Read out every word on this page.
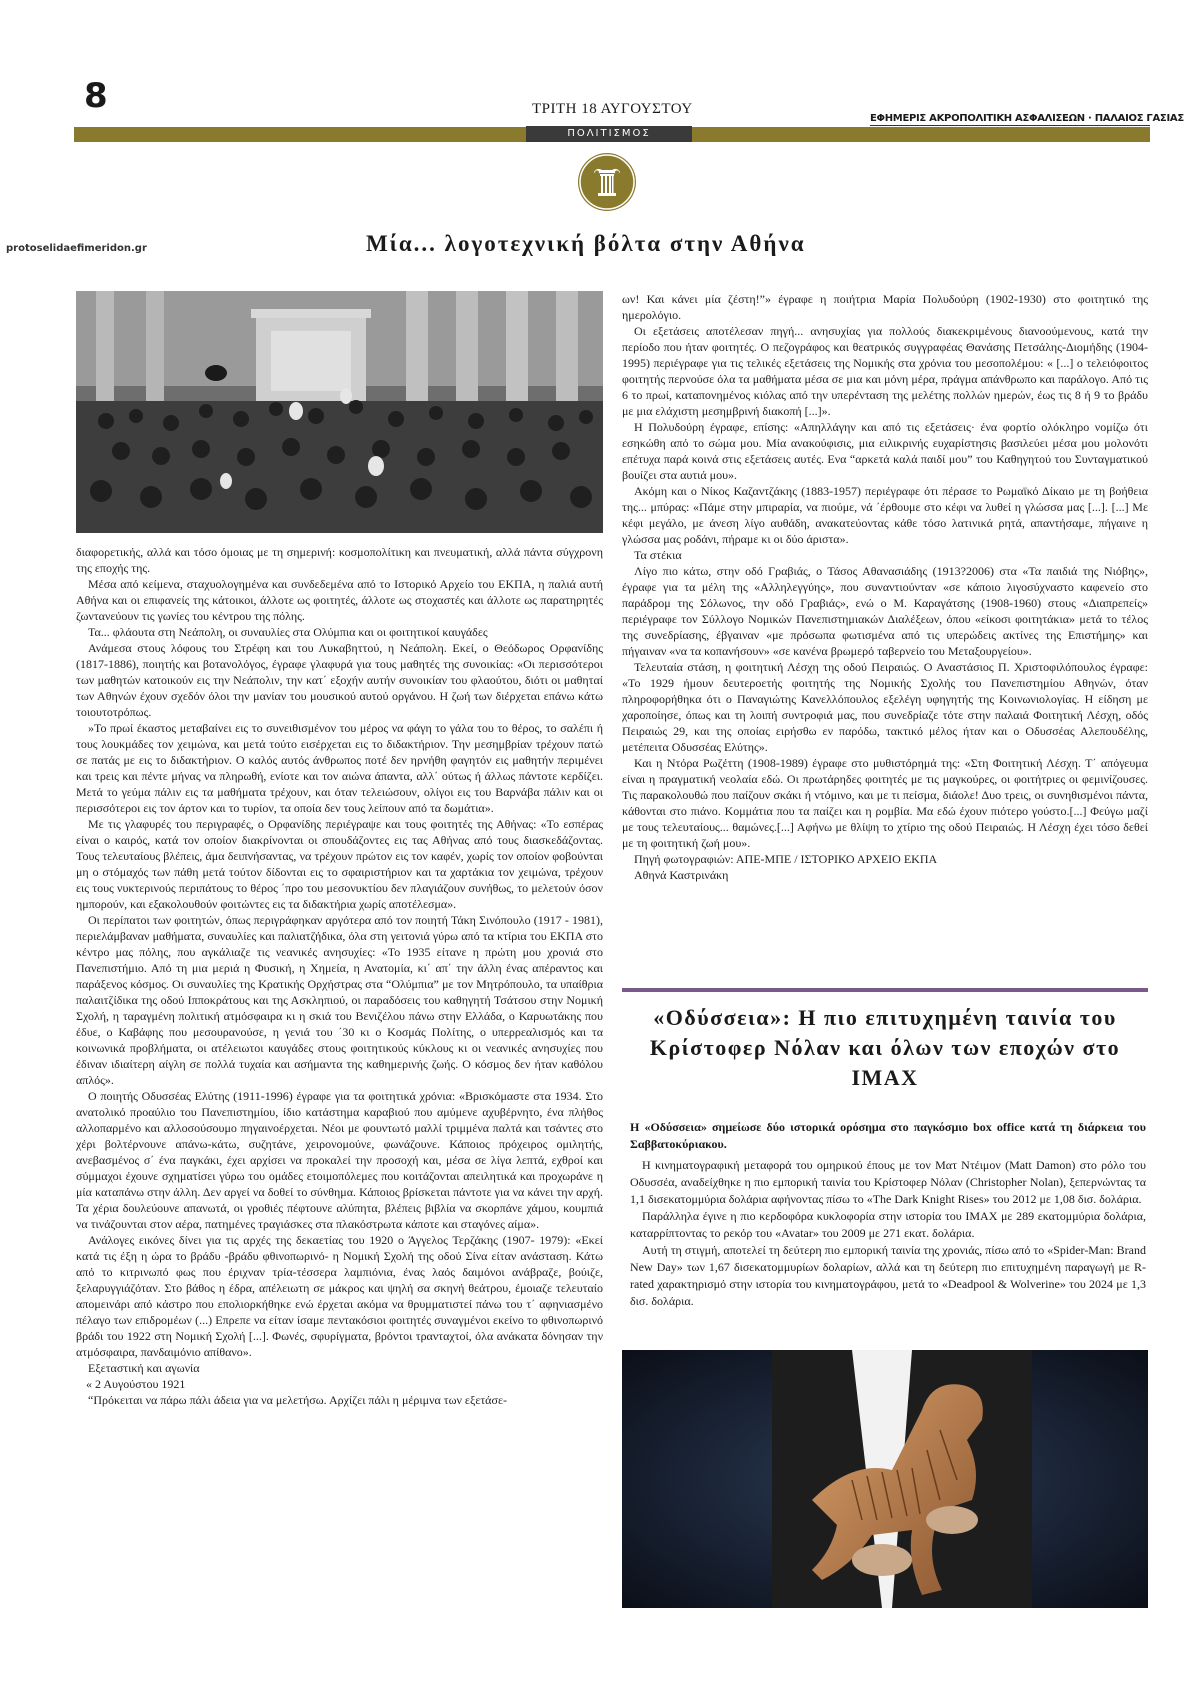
8	ΤΡΙΤΗ 18 ΑΥΓΟΥΣΤΟΥ
ΕΦΗΜΕΡΙΣ ΑΚΡΟΠΟΛΙΤΙΚΗ ΑΣΦΑΛΙΣΕΩΝ · ΠΑΛΑΙΟΣ ΓΑΣΙΑΣ
ΠΟΛΙΤΙΣΜΟΣ
protoselidaefimeridon.gr	Μία... λογοτεχνική βόλτα στην Αθήνα

διαφορετικής, αλλά και τόσο όμοιας με τη σημερινή: κοσμοπολίτικη και πνευματική, αλλά πάντα σύγχρονη της εποχής της.

Μέσα από κείμενα, σταχυολογημένα και συνδεδεμένα από το Ιστορικό Αρχείο του ΕΚΠΑ, η παλιά αυτή Αθήνα και οι επιφανείς της κάτοικοι, άλλοτε ως φοιτητές, άλλοτε ως στοχαστές και άλλοτε ως παρατηρητές ζωντανεύουν τις γωνίες του κέντρου της πόλης.

Τα... φλάουτα στη Νεάπολη, οι συναυλίες στα Ολύμπια και οι φοιτητικοί καυγάδες

Ανάμεσα στους λόφους του Στρέφη και του Λυκαβηττού, η Νεάπολη. Εκεί, ο Θεόδωρος Ορφανίδης (1817-1886), ποιητής και βοτανολόγος, έγραφε γλαφυρά για τους μαθητές της συνοικίας: «Οι περισσότεροι των μαθητών κατοικούν εις την Νεάπολιν, την κατ΄ εξοχήν αυτήν συνοικίαν του φλαούτου, διότι οι μαθηταί των Αθηνών έχουν σχεδόν όλοι την μανίαν του μουσικού αυτού οργάνου. Η ζωή των διέρχεται επάνω κάτω τοιουτοτρόπως.

»Το πρωί έκαστος μεταβαίνει εις το συνειθισμένον του μέρος να φάγη το γάλα του το θέρος, το σαλέπι ή τους λουκμάδες τον χειμώνα, και μετά τούτο εισέρχεται εις το διδακτήριον. Την μεσημβρίαν τρέχουν πατώ σε πατάς με εις το διδακτήριον. Ο καλός αυτός άνθρωπος ποτέ δεν ηρνήθη φαγητόν εις μαθητήν περιμένει και τρεις και πέντε μήνας να πληρωθή, ενίοτε και τον αιώνα άπαντα, αλλ΄ ούτως ή άλλως πάντοτε κερδίζει. Μετά το γεύμα πάλιν εις τα μαθήματα τρέχουν, και όταν τελειώσουν, ολίγοι εις του Βαρνάβα πάλιν και οι περισσότεροι εις τον άρτον και το τυρίον, τα οποία δεν τους λείπουν από τα δωμάτια».

Με τις γλαφυρές του περιγραφές, ο Ορφανίδης περιέγραψε και τους φοιτητές της Αθήνας: «Το εσπέρας είναι ο καιρός, κατά τον οποίον διακρίνονται οι σπουδάζοντες εις τας Αθήνας από τους διασκεδάζοντας. Τους τελευταίους βλέπεις, άμα δειπνήσαντας, να τρέχουν πρώτον εις τον καφέν, χωρίς τον οποίον φοβούνται μη ο στόμαχός των πάθη μετά τούτον δίδονται εις το σφαιριστήριον και τα χαρτάκια τον χειμώνα, τρέχουν εις τους νυκτερινούς περιπάτους το θέρος ΄προ του μεσονυκτίου δεν πλαγιάζουν συνήθως, το μελετούν όσον ημπορούν, και εξακολουθούν φοιτώντες εις τα διδακτήρια χωρίς αποτέλεσμα».

Οι περίπατοι των φοιτητών, όπως περιγράφηκαν αργότερα από τον ποιητή Τάκη Σινόπουλο (1917 - 1981), περιελάμβαναν μαθήματα, συναυλίες και παλιατζήδικα, όλα στη γειτονιά γύρω από τα κτίρια του ΕΚΠΑ στο κέντρο μας πόλης, που αγκάλιαζε τις νεανικές ανησυχίες: «Το 1935 είτανε η πρώτη μου χρονιά στο Πανεπιστήμιο. Από τη μια μεριά η Φυσική, η Χημεία, η Ανατομία, κι΄ απ΄ την άλλη ένας απέραντος και παράξενος κόσμος. Οι συναυλίες της Κρατικής Ορχήστρας στα “Ολύμπια” με τον Μητρόπουλο, τα υπαίθρια παλαιτζίδικα της οδού Ιπποκράτους και της Ασκληπιού, οι παραδόσεις του καθηγητή Τσάτσου στην Νομική Σχολή, η ταραγμένη πολιτική ατμόσφαιρα κι η σκιά του Βενιζέλου πάνω στην Ελλάδα, ο Καρυωτάκης που έδυε, ο Καβάφης που μεσουρανούσε, η γενιά του ΄30 κι ο Κοσμάς Πολίτης, ο υπερρεαλισμός και τα κοινωνικά προβλήματα, οι ατέλειωτοι καυγάδες στους φοιτητικούς κύκλους κι οι νεανικές ανησυχίες που έδιναν ιδιαίτερη αίγλη σε πολλά τυχαία και ασήμαντα της καθημερινής ζωής. Ο κόσμος δεν ήταν καθόλου απλός».

Ο ποιητής Οδυσσέας Ελύτης (1911-1996) έγραφε για τα φοιτητικά χρόνια: «Βρισκόμαστε στα 1934. Στο ανατολικό προαύλιο του Πανεπιστημίου, ίδιο κατάστημα καραβιού που αμύμενε αχυβέρνητο, ένα πλήθος αλλοπαρμένο και αλλοσούσουμο πηγαινοέρχεται. Νέοι με φουντωτό μαλλί τριμμένα παλτά και τσάντες στο χέρι βολτέρνουνε απάνω-κάτω, συζητάνε, χειρονομούνε, φωνάζουνε. Κάποιος πρόχειρος ομιλητής, ανεβασμένος σ΄ ένα παγκάκι, έχει αρχίσει να προκαλεί την προσοχή και, μέσα σε λίγα λεπτά, εχθροί και σύμμαχοι έχουνε σχηματίσει γύρω του ομάδες ετοιμοπόλεμες που κοιτάζονται απειλητικά και προχωράνε η μία καταπάνω στην άλλη. Δεν αργεί να δοθεί το σύνθημα. Κάποιος βρίσκεται πάντοτε για να κάνει την αρχή. Τα χέρια δουλεύουνε απανωτά, οι γροθιές πέφτουνε αλύπητα, βλέπεις βιβλία να σκορπάνε χάμου, κουμπιά να τινάζουνται στον αέρα, πατημένες τραγιάσκες στα πλακόστρωτα κάποτε και σταγόνες αίμα».

Ανάλογες εικόνες δίνει για τις αρχές της δεκαετίας του 1920 ο Άγγελος Τερζάκης (1907- 1979): «Εκεί κατά τις έξη η ώρα το βράδυ -βράδυ φθινοπωρινό- η Νομική Σχολή της οδού Σίνα είταν ανάσταση. Κάτω από το κιτρινωπό φως που έριχναν τρία-τέσσερα λαμπιόνια, ένας λαός δαιμόνοι ανάβραζε, βούιζε, ξελαρυγγιάζόταν. Στο βάθος η έδρα, απέλειωτη σε μάκρος και ψηλή σα σκηνή θεάτρου, έμοιαζε τελευταίο απομεινάρι από κάστρο που επολιορκήθηκε ενώ έρχεται ακόμα να θρυμματιστεί πάνω του τ΄ αφηνιασμένο πέλαγο των επιδρομέων (...) Επρεπε να είταν ίσαμε πεντακόσιοι φοιτητές συναγμένοι εκείνο το φθινοπωρινό βράδι του 1922 στη Νομική Σχολή [...]. Φωνές, σφυρίγματα, βρόντοι τρανταχτοί, όλα ανάκατα δόνησαν την ατμόσφαιρα, πανδαιμόνιο απίθανο».

Εξεταστική και αγωνία

« 2 Αυγούστου 1921

“Πρόκειται να πάρω πάλι άδεια για να μελετήσω. Αρχίζει πάλι η μέριμνα των εξετάσε-

ων! Και κάνει μία ζέστη!”» έγραφε η ποιήτρια Μαρία Πολυδούρη (1902-1930) στο φοιτητικό της ημερολόγιο.

Οι εξετάσεις αποτέλεσαν πηγή... ανησυχίας για πολλούς διακεκριμένους διανοούμενους, κατά την περίοδο που ήταν φοιτητές. Ο πεζογράφος και θεατρικός συγγραφέας Θανάσης Πετσάλης-Διομήδης (1904-1995) περιέγραφε για τις τελικές εξετάσεις της Νομικής στα χρόνια του μεσοπολέμου: « [...] ο τελειόφοιτος φοιτητής περνούσε όλα τα μαθήματα μέσα σε μια και μόνη μέρα, πράγμα απάνθρωπο και παράλογο. Από τις 6 το πρωί, καταπονημένος κιόλας από την υπερένταση της μελέτης πολλών ημερών, έως τις 8 ή 9 το βράδυ με μια ελάχιστη μεσημβρινή διακοπή [...]».

Η Πολυδούρη έγραφε, επίσης: «Απηλλάγην και από τις εξετάσεις· ένα φορτίο ολόκληρο νομίζω ότι εσηκώθη από το σώμα μου. Μία ανακούφισις, μια ειλικρινής ευχαρίστησις βασιλεύει μέσα μου μολονότι επέτυχα παρά κοινά στις εξετάσεις αυτές. Ενα “αρκετά καλά παιδί μου” του Καθηγητού του Συνταγματικού βουίζει στα αυτιά μου».

Ακόμη και ο Νίκος Καζαντζάκης (1883-1957) περιέγραφε ότι πέρασε το Ρωμαϊκό Δίκαιο με τη βοήθεια της... μπύρας: «Πάμε στην μπιραρία, να πιούμε, νά ΄έρθουμε στο κέφι να λυθεί η γλώσσα μας [...]. [...] Με κέφι μεγάλο, με άνεση λίγο αυθάδη, ανακατεύοντας κάθε τόσο λατινικά ρητά, απαντήσαμε, πήγαινε η γλώσσα μας ροδάνι, πήραμε κι οι δύο άριστα».

Τα στέκια

Λίγο πιο κάτω, στην οδό Γραβιάς, ο Τάσος Αθανασιάδης (1913?2006) στα «Τα παιδιά της Νιόβης», έγραφε για τα μέλη της «Αλληλεγγύης», που συναντιούνταν «σε κάποιο λιγοσύχναστο καφενείο στο παράδρομ της Σόλωνος, την οδό Γραβιάς», ενώ ο Μ. Καραγάτσης (1908-1960) στους «Διαπρεπείς» περιέγραφε τον Σύλλογο Νομικών Πανεπιστημιακών Διαλέξεων, όπου «είκοσι φοιτητάκια» μετά το τέλος της συνεδρίασης, έβγαιναν «με πρόσωπα φωτισμένα από τις υπερώδεις ακτίνες της Επιστήμης» και πήγαιναν «να τα κοπανήσουν» «σε κανένα βρωμερό ταβερνείο του Μεταξουργείου».

Τελευταία στάση, η φοιτητική Λέσχη της οδού Πειραιώς. Ο Αναστάσιος Π. Χριστοφιλόπουλος έγραφε: «Το 1929 ήμουν δευτεροετής φοιτητής της Νομικής Σχολής του Πανεπιστημίου Αθηνών, όταν πληροφορήθηκα ότι ο Παναγιώτης Κανελλόπουλος εξελέγη υφηγητής της Κοινωνιολογίας. Η είδηση με χαροποίησε, όπως και τη λοιπή συντροφιά μας, που συνεδρίαζε τότε στην παλαιά Φοιτητική Λέσχη, οδός Πειραιώς 29, και της οποίας ειρήσθω εν παρόδω, τακτικό μέλος ήταν και ο Οδυσσέας Αλεπουδέλης, μετέπειτα Οδυσσέας Ελύτης».

Και η Ντόρα Ρωζέττη (1908-1989) έγραφε στο μυθιστόρημά της: «Στη Φοιτητική Λέσχη. Τ΄ απόγευμα είναι η πραγματική νεολαία εδώ. Οι πρωτάρηδες φοιτητές με τις μαγκούρες, οι φοιτήτριες οι φεμινίζουσες. Τις παρακολουθώ που παίζουν σκάκι ή ντόμινο, και με τι πείσμα, διάολε! Δυο τρεις, οι συνηθισμένοι πάντα, κάθονται στο πιάνο. Κομμάτια που τα παίζει και η ρομβία. Μα εδώ έχουν πιότερο γούστο.[...] Φεύγω μαζί με τους τελευταίους... θαμώνες.[...] Αφήνω με θλίψη το χτίριο της οδού Πειραιώς. Η Λέσχη έχει τόσο δεθεί με τη φοιτητική ζωή μου».

Πηγή φωτογραφιών: ΑΠΕ-ΜΠΕ / ΙΣΤΟΡΙΚΟ ΑΡΧΕΙΟ ΕΚΠΑ

Αθηνά Καστρινάκη

«Οδύσσεια»: Η πιο επιτυχημένη ταινία του Κρίστοφερ Νόλαν και όλων των εποχών στο IMAX
Η «Οδύσσεια» σημείωσε δύο ιστορικά ορόσημα στο παγκόσμιο box office κατά τη διάρκεια του Σαββατοκύριακου.

Η κινηματογραφική μεταφορά του ομηρικού έπους με τον Ματ Ντέιμον (Matt Damon) στο ρόλο του Οδυσσέα, αναδείχθηκε η πιο εμπορική ταινία του Κρίστοφερ Νόλαν (Christopher Nolan), ξεπερνώντας τα 1,1 δισεκατομμύρια δολάρια αφήνοντας πίσω το «The Dark Knight Rises» του 2012 με 1,08 δισ. δολάρια.

Παράλληλα έγινε η πιο κερδοφόρα κυκλοφορία στην ιστορία του IMAX με 289 εκατομμύρια δολάρια, καταρρίπτοντας το ρεκόρ του «Avatar» του 2009 με 271 εκατ. δολάρια.

Αυτή τη στιγμή, αποτελεί τη δεύτερη πιο εμπορική ταινία της χρονιάς, πίσω από το «Spider-Man: Brand New Day» των 1,67 δισεκατομμυρίων δολαρίων, αλλά και τη δεύτερη πιο επιτυχημένη παραγωγή με R-rated χαρακτηρισμό στην ιστορία του κινηματογράφου, μετά το «Deadpool & Wolverine» του 2024 με 1,3 δισ. δολάρια.
